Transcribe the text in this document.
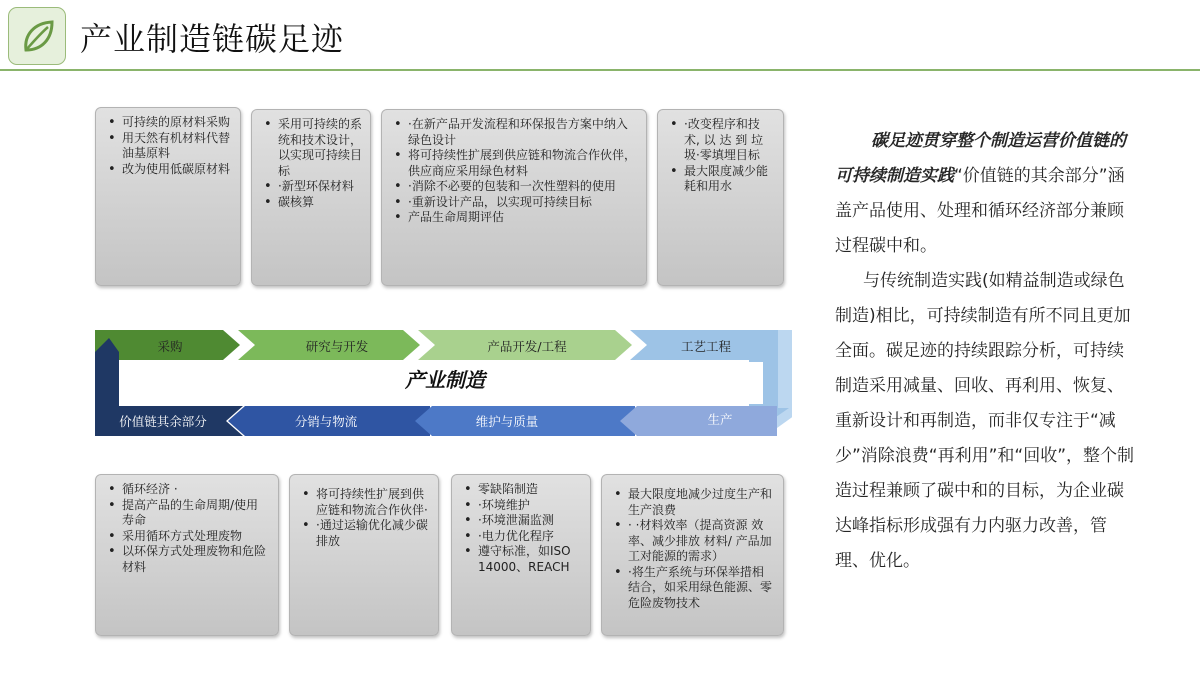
产业制造链碳足迹
• 可持续的原材料采购
• 用天然有机材料代替油基原料
• 改为使用低碳原材料
• 采用可持续的系统和技术设计，以实现可持续目标
• ·新型环保材料
• 碳核算
• ·在新产品开发流程和环保报告方案中纳入绿色设计
• 将可持续性扩展到供应链和物流合作伙伴，供应商应采用绿色材料
• ·消除不必要的包装和一次性塑料的使用
• ·重新设计产品，以实现可持续目标
• 产品生命周期评估
• ·改变程序和技术, 以 达 到 垃圾·零填埋目标
• 最大限度减少能耗和用水
采购	研究与开发	产品开发/工程	工艺工程
产业制造
价值链其余部分	分销与物流	维护与质量	生产
• 循环经济 ·
• 提高产品的生命周期/使用寿命
• 采用循环方式处理废物
• 以环保方式处理废物和危险材料
• 将可持续性扩展到供应链和物流合作伙伴·
• ·通过运输优化减少碳排放
• 零缺陷制造
• ·环境维护
• ·环境泄漏监测
• ·电力优化程序
• 遵守标准，如ISO 14000、REACH
• 最大限度地减少过度生产和生产浪费
• · ·材料效率（提高资源 效率、减少排放 材料/ 产品加工对能源的需求）
• ·将生产系统与环保举措相结合，如采用绿色能源、零危险废物技术

碳足迹贯穿整个制造运营价值链的可持续制造实践“价值链的其余部分”涵盖产品使用、处理和循环经济部分兼顾过程碳中和。

与传统制造实践(如精益制造或绿色制造)相比，可持续制造有所不同且更加全面。碳足迹的持续跟踪分析，可持续制造采用减量、回收、再利用、恢复、重新设计和再制造，而非仅专注于“减少”消除浪费“再利用”和“回收”，整个制造过程兼顾了碳中和的目标，为企业碳达峰指标形成强有力内驱力改善，管理、优化。
